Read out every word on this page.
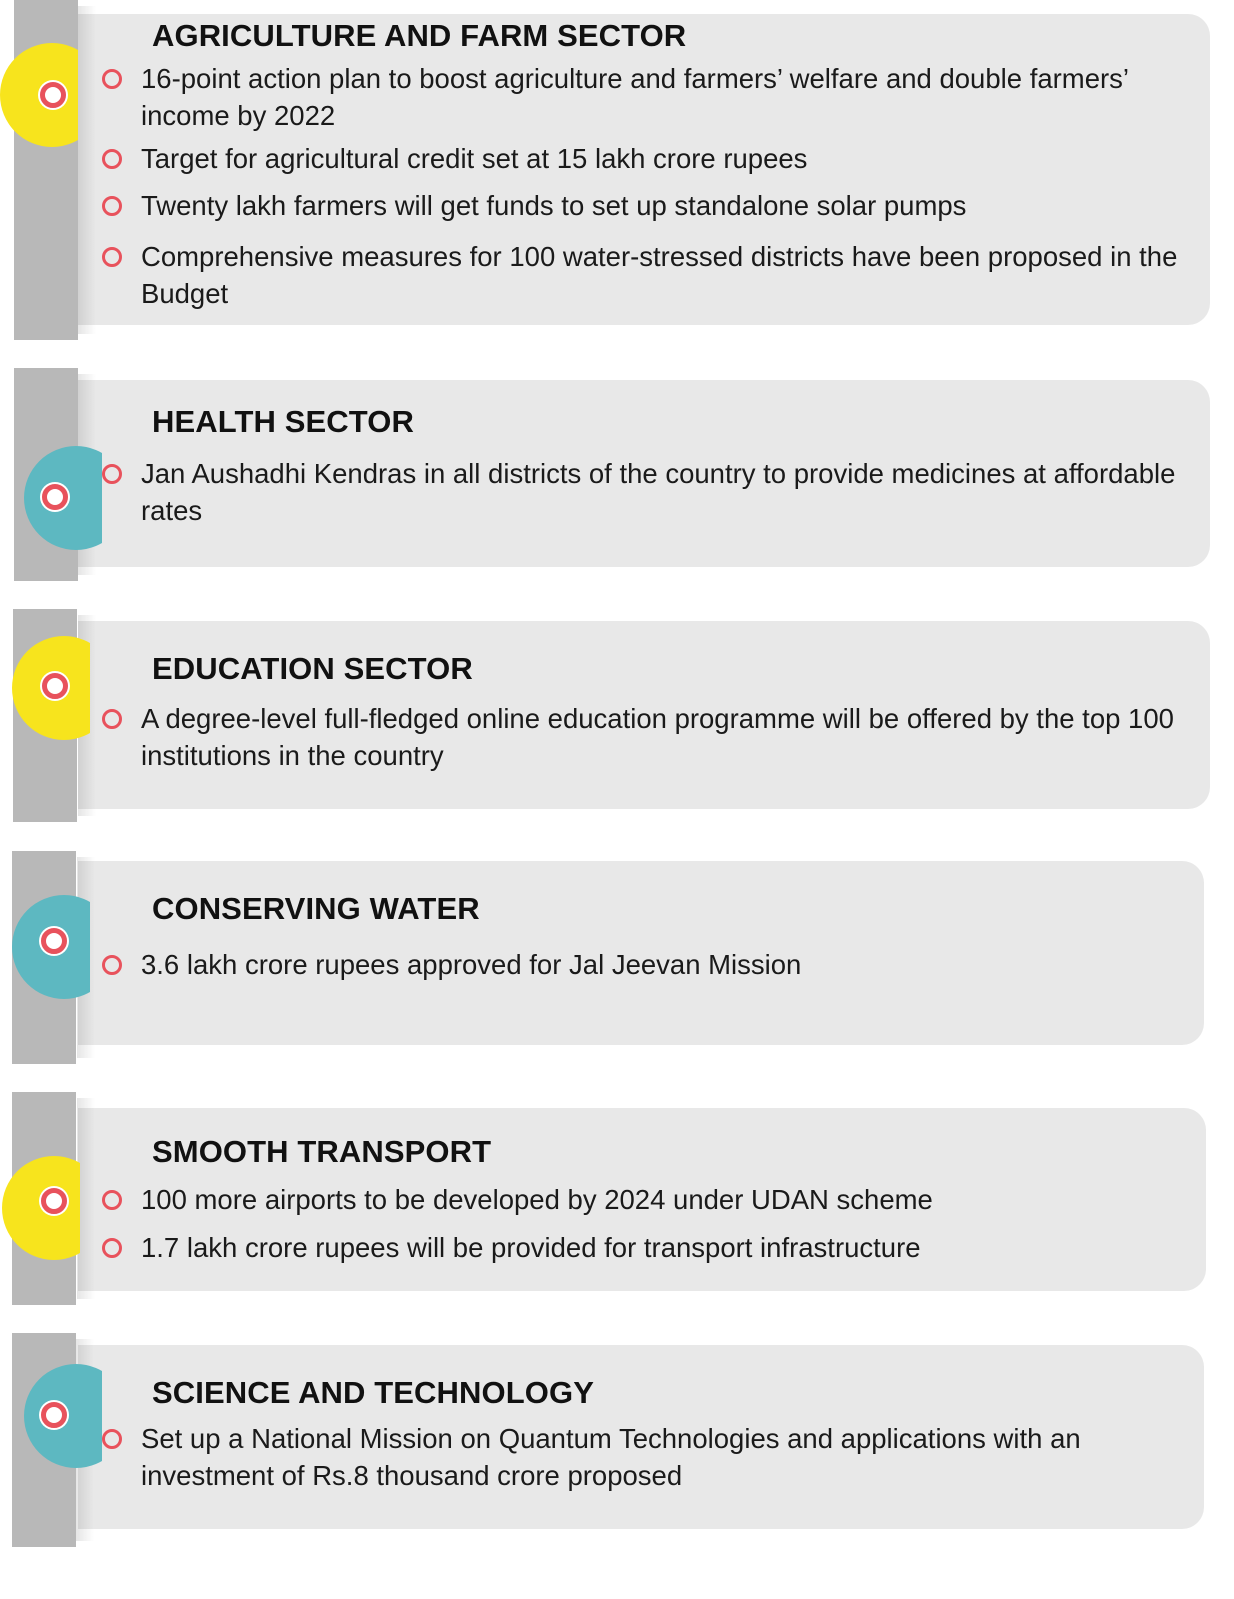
AGRICULTURE AND FARM SECTOR
16-point action plan to boost agriculture and farmers’ welfare and double farmers’ income by 2022
Target for agricultural credit set at 15 lakh crore rupees
Twenty lakh farmers will get funds to set up standalone solar pumps
Comprehensive measures for 100 water-stressed districts have been proposed in the Budget
HEALTH SECTOR
Jan Aushadhi Kendras in all districts of the country to provide medicines at affordable rates
EDUCATION SECTOR
A degree-level full-fledged online education programme will be offered by the top 100 institutions in the country
CONSERVING WATER
3.6 lakh crore rupees approved for Jal Jeevan Mission
SMOOTH TRANSPORT
100 more airports to be developed by 2024 under UDAN scheme
1.7 lakh crore rupees will be provided for transport infrastructure
SCIENCE AND TECHNOLOGY
Set up a National Mission on Quantum Technologies and applications with an investment of Rs.8 thousand crore proposed
